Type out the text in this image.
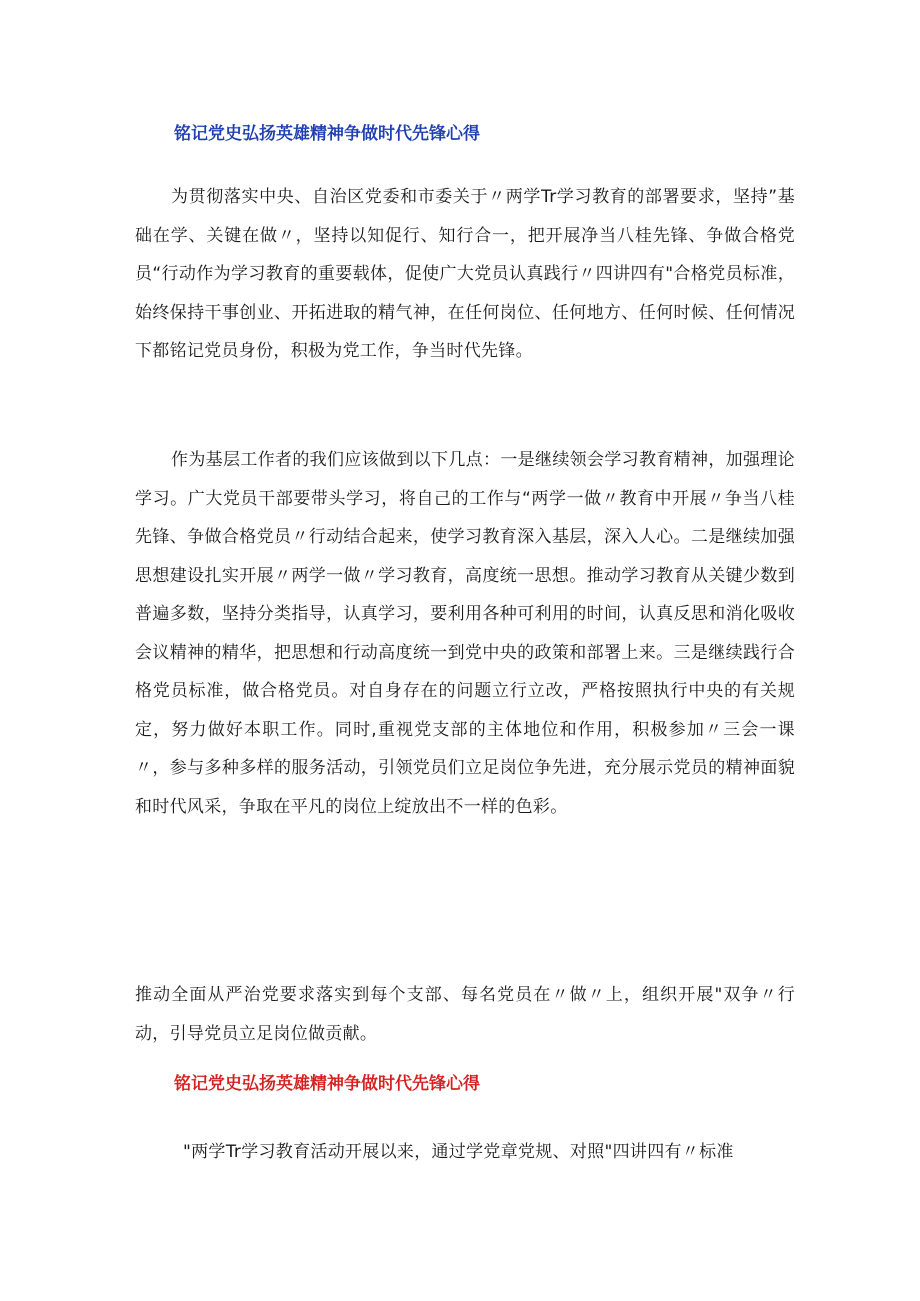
铭记党史弘扬英雄精神争做时代先锋心得

为贯彻落实中央、自治区党委和市委关于〃两学Tr学习教育的部署要求，坚持”基础在学、关键在做〃，坚持以知促行、知行合一，把开展净当八桂先锋、争做合格党员“行动作为学习教育的重要载体，促使广大党员认真践行〃四讲四有"合格党员标准，始终保持干事创业、开拓进取的精气神，在任何岗位、任何地方、任何时候、任何情况下都铭记党员身份，积极为党工作，争当时代先锋。

作为基层工作者的我们应该做到以下几点：一是继续领会学习教育精神，加强理论学习。广大党员干部要带头学习，将自己的工作与“两学一做〃教育中开展〃争当八桂先锋、争做合格党员〃行动结合起来，使学习教育深入基层，深入人心。二是继续加强思想建设扎实开展〃两学一做〃学习教育，高度统一思想。推动学习教育从关键少数到普遍多数，坚持分类指导，认真学习，要利用各种可利用的时间，认真反思和消化吸收会议精神的精华，把思想和行动高度统一到党中央的政策和部署上来。三是继续践行合格党员标准，做合格党员。对自身存在的问题立行立改，严格按照执行中央的有关规定，努力做好本职工作。同时,重视党支部的主体地位和作用，积极参加〃三会一课〃，参与多种多样的服务活动，引领党员们立足岗位争先进，充分展示党员的精神面貌和时代风采，争取在平凡的岗位上绽放出不一样的色彩。

推动全面从严治党要求落实到每个支部、每名党员在〃做〃上，组织开展"双争〃行动，引导党员立足岗位做贡献。

铭记党史弘扬英雄精神争做时代先锋心得

"两学Tr学习教育活动开展以来，通过学党章党规、对照"四讲四有〃标准
